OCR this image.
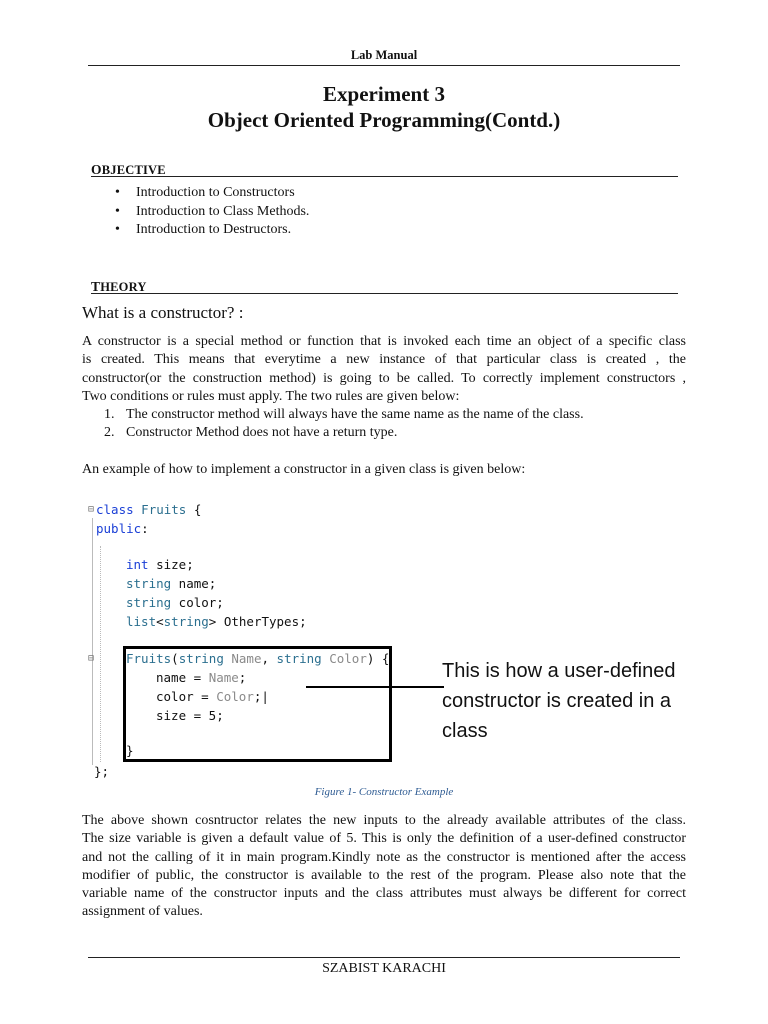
Lab Manual
Experiment 3
Object Oriented Programming(Contd.)
OBJECTIVE
• Introduction to Constructors
• Introduction to Class Methods.
• Introduction to Destructors.
THEORY
What is a constructor? :
A constructor is a special method or function that is invoked each time an object of a specific class
is created. This means that everytime a new instance of that particular class is created , the
constructor(or the construction method) is going to be called. To correctly implement constructors ,
Two conditions or rules must apply. The two rules are given below:
1. The constructor method will always have the same name as the name of the class.
2. Constructor Method does not have a return type.
An example of how to implement a constructor in a given class is given below:
⊟ class Fruits {
public:
int size;
string name;
string color;
list<string> OtherTypes;
⊟	Fruits(string Name, string Color) {
name = Name;
color = Color;|
size = 5;
}
};
This is how a user-defined constructor is created in a class
Figure 1- Constructor Example
The above shown cosntructor relates the new inputs to the already available attributes of the class.
The size variable is given a default value of 5. This is only the definition of a user-defined constructor
and not the calling of it in main program.Kindly note as the constructor is mentioned after the access
modifier of public, the constructor is available to the rest of the program. Please also note that the
variable name of the constructor inputs and the class attributes must always be different for correct
assignment of values.
SZABIST KARACHI
